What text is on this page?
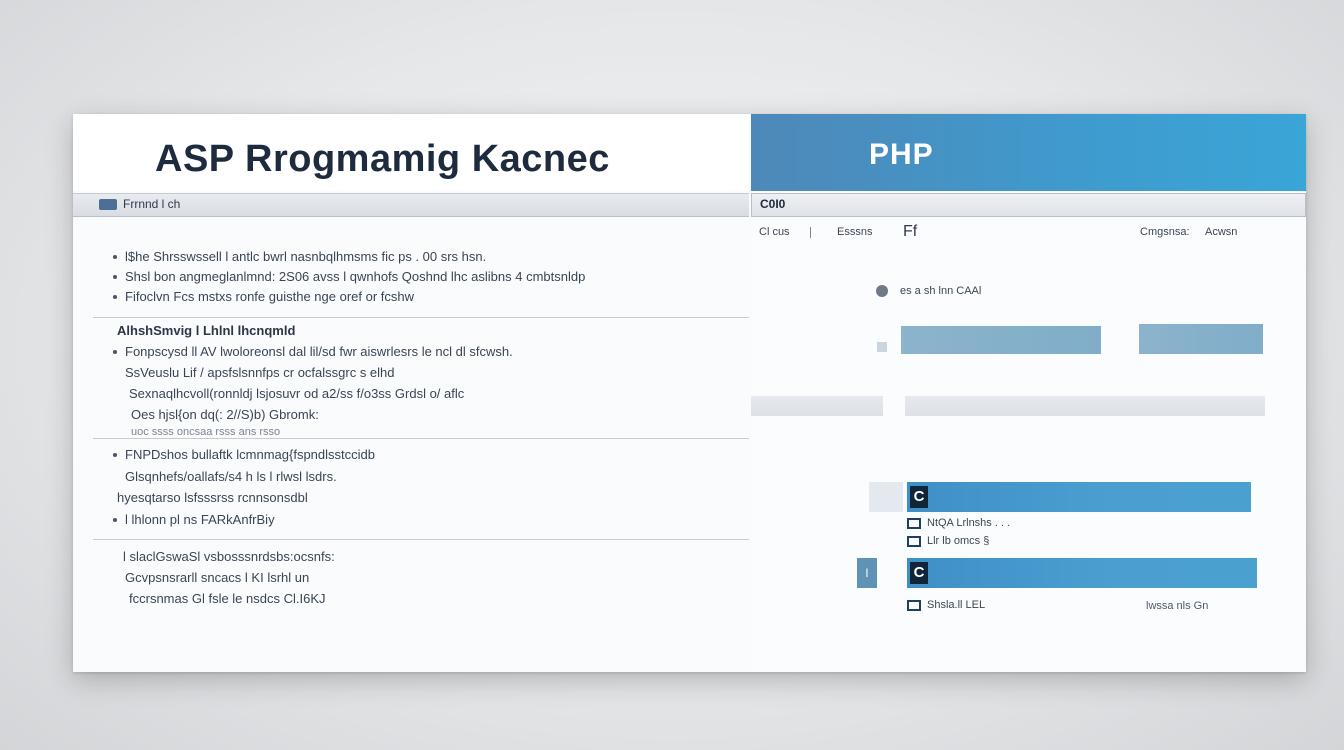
ASP Rrogmamig Kacnec
Frrnnd l ch
l$he Shrsswssell l antlc bwrl nasnbqlhmsms fic ps . 00 srs hsn.
Shsl bon angmeglanlmnd: 2S06 avss l qwnhofs Qoshnd lhc aslibns 4 cmbtsnldp
Fifoclvn Fcs mstxs ronfe guisthe nge oref or fcshw
AlhshSmvig l Lhlnl lhcnqmld
Fonpscysd ll AV lwoloreonsl dal lil/sd fwr aiswrlesrs le ncl dl sfcwsh.
SsVeuslu Lif / apsfslsnnfps cr ocfalssgrc s elhd
Sexnaqlhcvoll(ronnldj lsjosuvr od a2/ss f/o3ss Grdsl o/ aflc
Oes hjsl{on dq(: 2//S)b) Gbromk:
uoc ssss oncsaa rsss ans rsso
FNPDshos bullaftk lcmnmag{fspndlsstccidb
Glsqnhefs/oallafs/s4 h ls l rlwsl lsdrs.
hyesqtarso lsfsssrss rcnnsonsdbl
l lhlonn pl ns FARkAnfrBiy
l slaclGswaSl vsbosssnrdsbs:ocsnfs:
Gcvpsnsrarll sncacs l KI lsrhl un
fccrsnmas Gl fsle le nsdcs Cl.I6KJ
PHP
C0I0
Cl cus	Esssns Ff	Cmgsnsa: Acwsn
es a sh lnn CAAl
C
NtQA Lrlnshs . . .
Llr lb omcs §
l	C
Shsla.ll LEL	lwssa nls Gn
